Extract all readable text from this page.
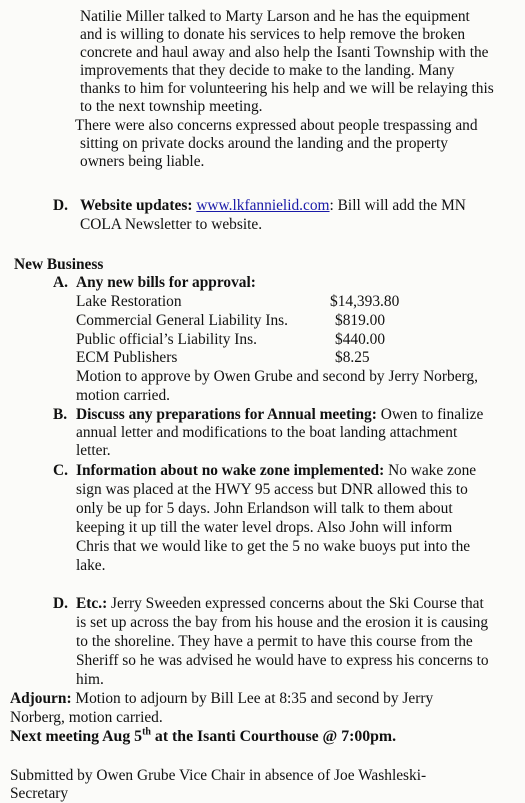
Natilie Miller talked to Marty Larson and he has the equipment
and is willing to donate his services to help remove the broken
concrete and haul away and also help the Isanti Township with the
improvements that they decide to make to the landing. Many
thanks to him for volunteering his help and we will be relaying this
to the next township meeting.
There were also concerns expressed about people trespassing and
sitting on private docks around the landing and the property
owners being liable.
D. Website updates: www.lkfannielid.com: Bill will add the MN
COLA Newsletter to website.
New Business
A. Any new bills for approval:
Lake Restoration	$14,393.80
Commercial General Liability Ins.	$819.00
Public official’s Liability Ins.	$440.00
ECM Publishers	$8.25
Motion to approve by Owen Grube and second by Jerry Norberg,
motion carried.
B. Discuss any preparations for Annual meeting: Owen to finalize
annual letter and modifications to the boat landing attachment
letter.
C. Information about no wake zone implemented: No wake zone
sign was placed at the HWY 95 access but DNR allowed this to
only be up for 5 days. John Erlandson will talk to them about
keeping it up till the water level drops. Also John will inform
Chris that we would like to get the 5 no wake buoys put into the
lake.
D. Etc.: Jerry Sweeden expressed concerns about the Ski Course that
is set up across the bay from his house and the erosion it is causing
to the shoreline. They have a permit to have this course from the
Sheriff so he was advised he would have to express his concerns to
him.
Adjourn: Motion to adjourn by Bill Lee at 8:35 and second by Jerry
Norberg, motion carried.
Next meeting Aug 5th at the Isanti Courthouse @ 7:00pm.
Submitted by Owen Grube Vice Chair in absence of Joe Washleski-
Secretary
